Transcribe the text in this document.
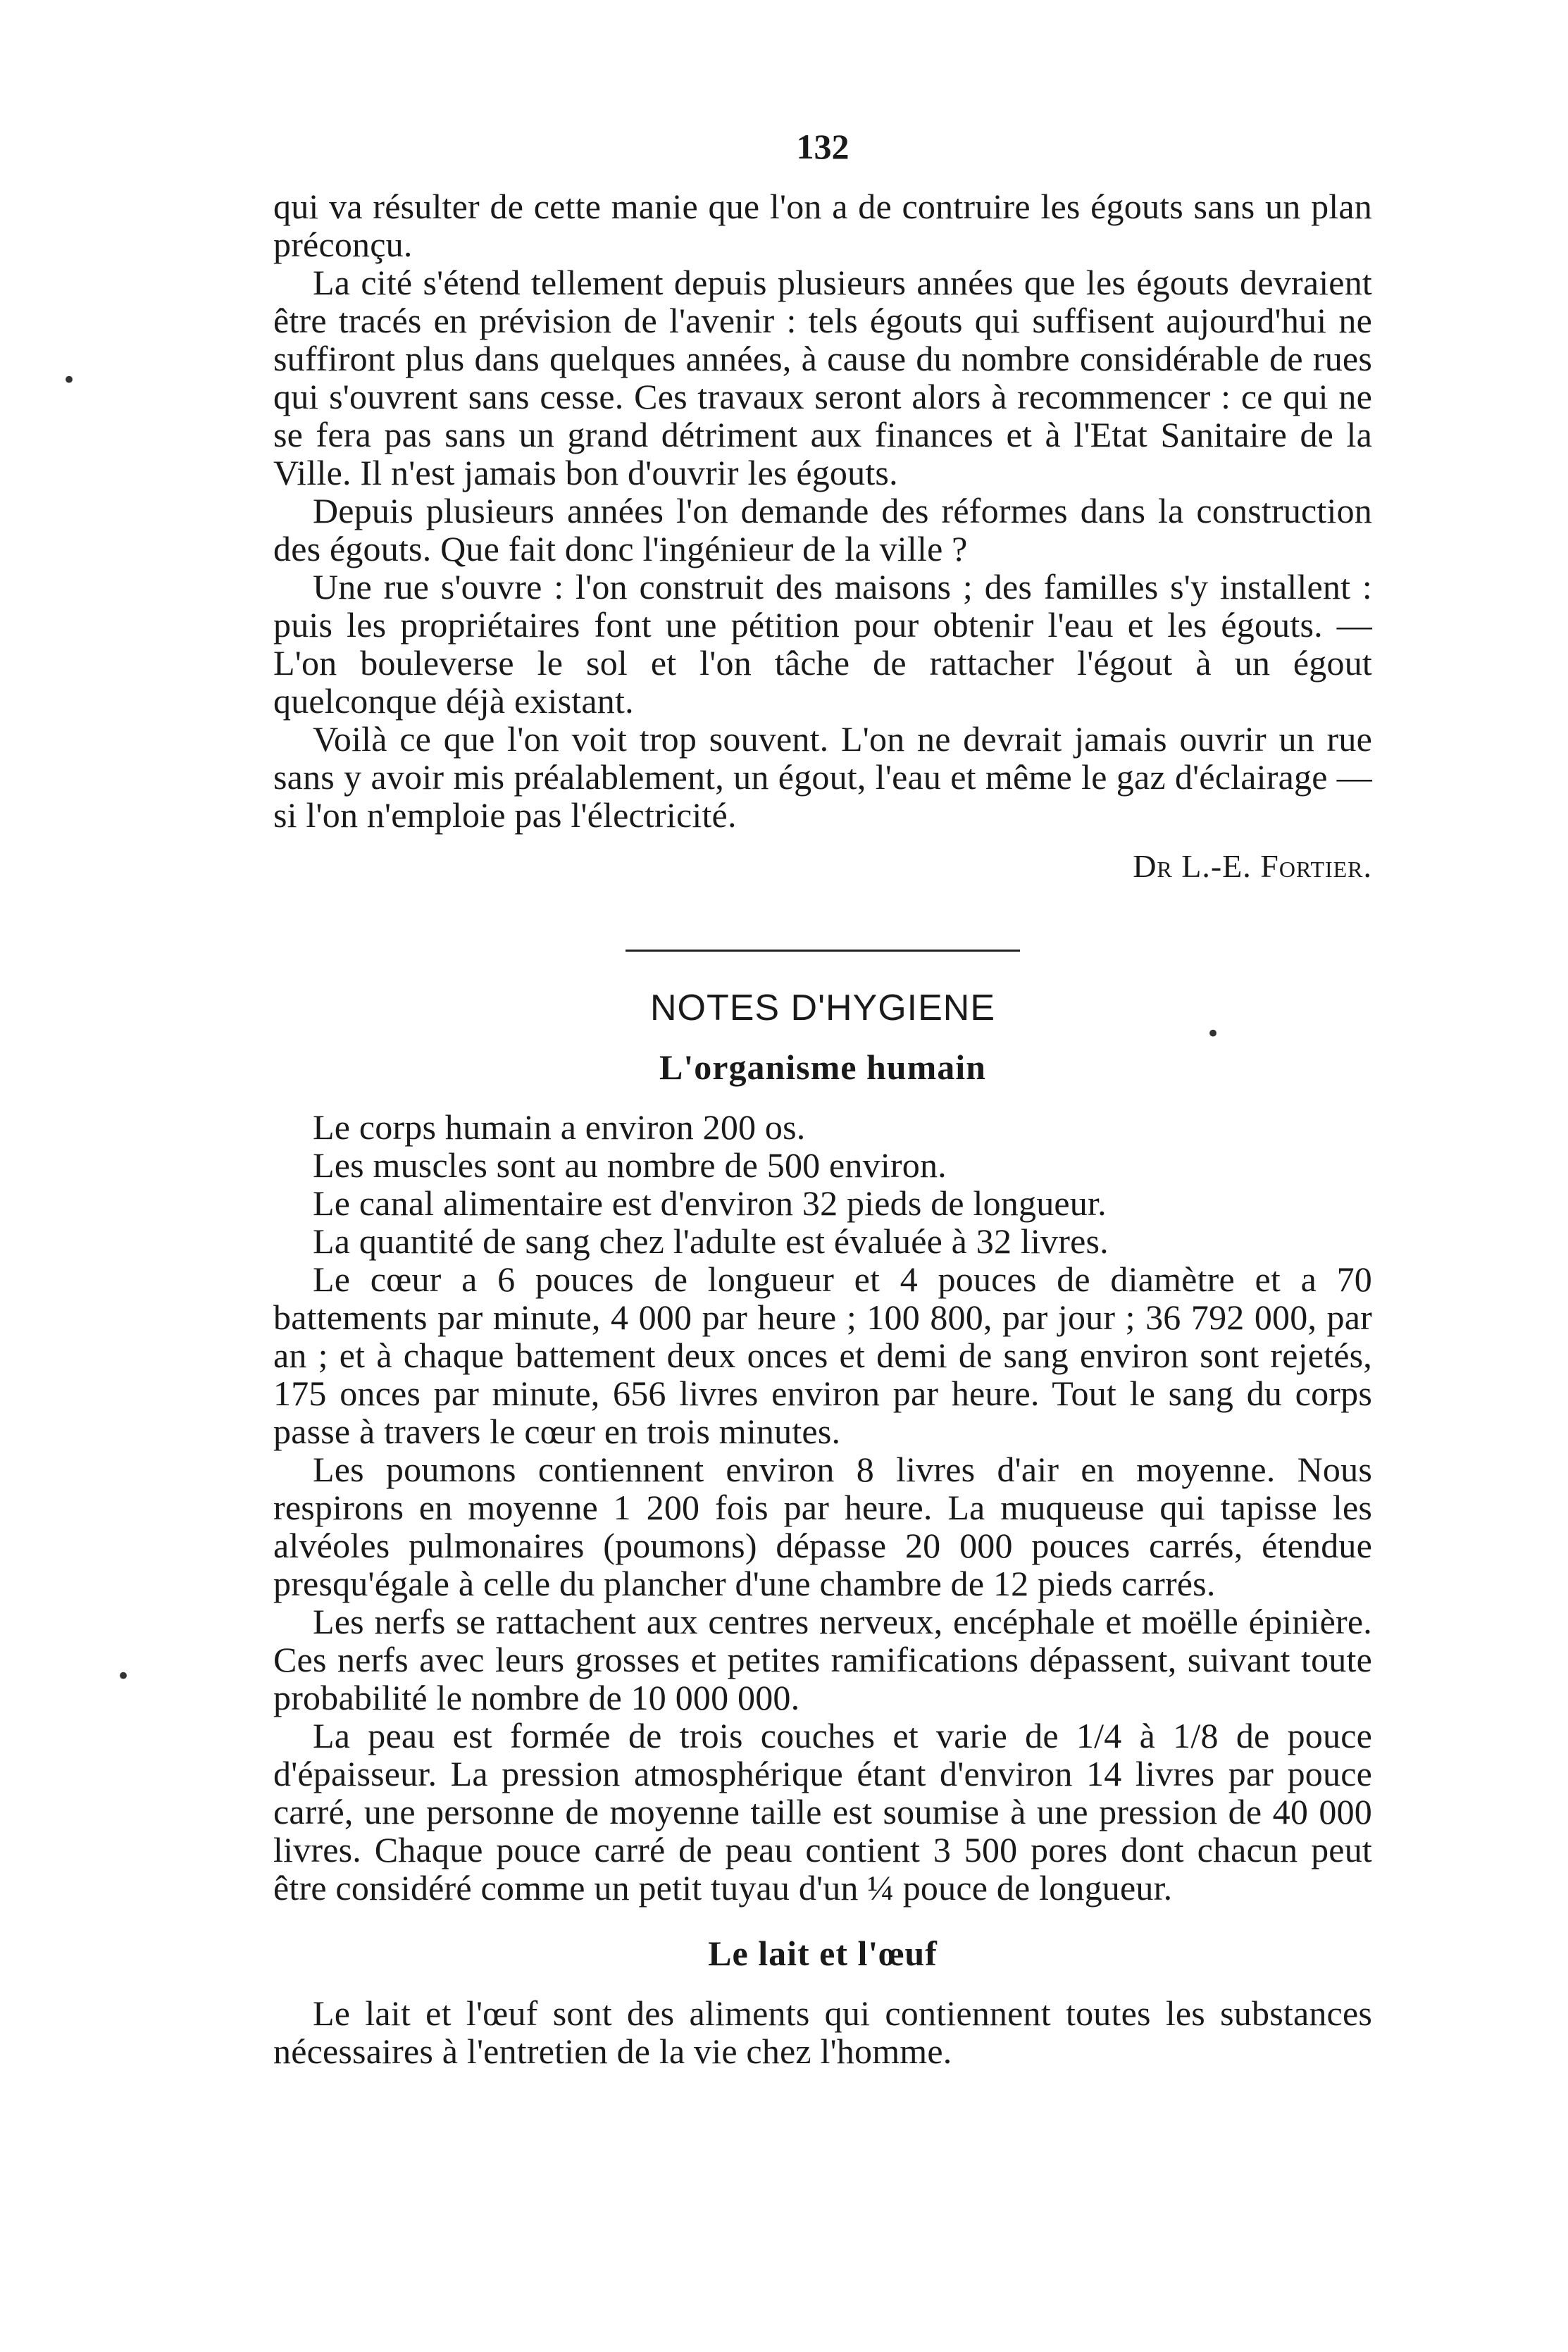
•
•
•
132

qui va résulter de cette manie que l'on a de contruire les égouts sans un plan préconçu.

La cité s'étend tellement depuis plusieurs années que les égouts devraient être tracés en prévision de l'avenir : tels égouts qui suffisent aujourd'hui ne suffiront plus dans quelques années, à cause du nombre considérable de rues qui s'ouvrent sans cesse. Ces travaux seront alors à recommencer : ce qui ne se fera pas sans un grand détriment aux finances et à l'Etat Sanitaire de la Ville. Il n'est jamais bon d'ouvrir les égouts.

Depuis plusieurs années l'on demande des réformes dans la construction des égouts. Que fait donc l'ingénieur de la ville ?

Une rue s'ouvre : l'on construit des maisons ; des familles s'y installent : puis les propriétaires font une pétition pour obtenir l'eau et les égouts. — L'on bouleverse le sol et l'on tâche de rattacher l'égout à un égout quelconque déjà existant.

Voilà ce que l'on voit trop souvent. L'on ne devrait jamais ouvrir un rue sans y avoir mis préalablement, un égout, l'eau et même le gaz d'éclairage — si l'on n'emploie pas l'électricité.

Dr L.-E. Fortier.
NOTES D'HYGIENE
L'organisme humain

Le corps humain a environ 200 os.

Les muscles sont au nombre de 500 environ.

Le canal alimentaire est d'environ 32 pieds de longueur.

La quantité de sang chez l'adulte est évaluée à 32 livres.

Le cœur a 6 pouces de longueur et 4 pouces de diamètre et a 70 battements par minute, 4 000 par heure ; 100 800, par jour ; 36 792 000, par an ; et à chaque battement deux onces et demi de sang environ sont rejetés, 175 onces par minute, 656 livres environ par heure. Tout le sang du corps passe à travers le cœur en trois minutes.

Les poumons contiennent environ 8 livres d'air en moyenne. Nous respirons en moyenne 1 200 fois par heure. La muqueuse qui tapisse les alvéoles pulmonaires (poumons) dépasse 20 000 pouces carrés, étendue presqu'égale à celle du plancher d'une chambre de 12 pieds carrés.

Les nerfs se rattachent aux centres nerveux, encéphale et moëlle épinière. Ces nerfs avec leurs grosses et petites ramifications dépassent, suivant toute probabilité le nombre de 10 000 000.

La peau est formée de trois couches et varie de 1/4 à 1/8 de pouce d'épaisseur. La pression atmosphérique étant d'environ 14 livres par pouce carré, une personne de moyenne taille est soumise à une pression de 40 000 livres. Chaque pouce carré de peau contient 3 500 pores dont chacun peut être considéré comme un petit tuyau d'un ¼ pouce de longueur.

Le lait et l'œuf

Le lait et l'œuf sont des aliments qui contiennent toutes les substances nécessaires à l'entretien de la vie chez l'homme.
